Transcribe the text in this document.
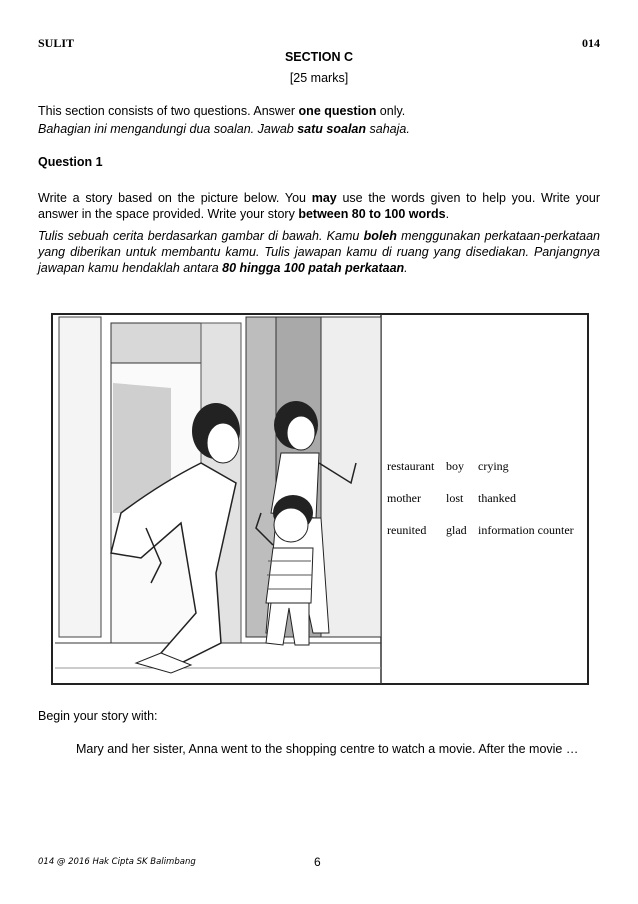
SULIT	014
SECTION C
[25 marks]
This section consists of two questions. Answer one question only.
Bahagian ini mengandungi dua soalan. Jawab satu soalan sahaja.
Question 1
Write a story based on the picture below. You may use the words given to help you. Write your answer in the space provided. Write your story between 80 to 100 words.
Tulis sebuah cerita berdasarkan gambar di bawah. Kamu boleh menggunakan perkataan-perkataan yang diberikan untuk membantu kamu. Tulis jawapan kamu di ruang yang disediakan. Panjangnya jawapan kamu hendaklah antara 80 hingga 100 patah perkataan.
restaurant boy crying
mother lost thanked
reunited glad information counter
Begin your story with:
Mary and her sister, Anna went to the shopping centre to watch a movie. After the movie …
014 @ 2016 Hak Cipta SK Balimbang	6
